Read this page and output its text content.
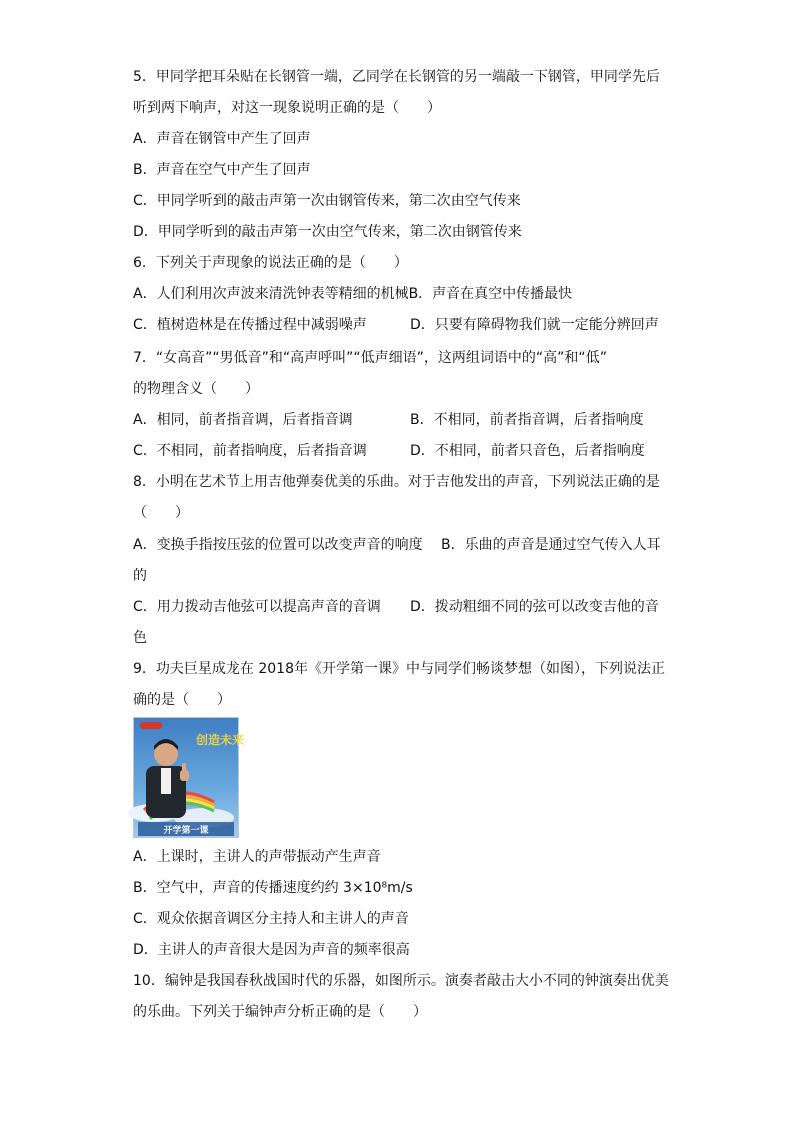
5．甲同学把耳朵贴在长钢管一端，乙同学在长钢管的另一端敲一下钢管，甲同学先后
听到两下响声，对这一现象说明正确的是（　　）
A．声音在钢管中产生了回声
B．声音在空气中产生了回声
C．甲同学听到的敲击声第一次由钢管传来，第二次由空气传来
D．甲同学听到的敲击声第一次由空气传来，第二次由钢管传来
6．下列关于声现象的说法正确的是（　　）
A．人们利用次声波来清洗钟表等精细的机械B．声音在真空中传播最快
C．植树造林是在传播过程中减弱噪声	D．只要有障碍物我们就一定能分辨回声
7．“女高音”“男低音”和“高声呼叫”“低声细语”，这两组词语中的“高”和“低”
的物理含义（　　）
A．相同，前者指音调，后者指音调	B．不相同，前者指音调，后者指响度
C．不相同，前者指响度，后者指音调	D．不相同，前者只音色，后者指响度
8．小明在艺术节上用吉他弹奏优美的乐曲。对于吉他发出的声音，下列说法正确的是
（　　）
A．变换手指按压弦的位置可以改变声音的响度 B．乐曲的声音是通过空气传入人耳
的
C．用力拨动吉他弦可以提高声音的音调 D．拨动粗细不同的弦可以改变吉他的音
色
9．功夫巨星成龙在 2018年《开学第一课》中与同学们畅谈梦想（如图），下列说法正
确的是（　　）
创造未来
开学第一课
A．上课时，主讲人的声带振动产生声音
B．空气中，声音的传播速度约约 3×10⁸m/s
C．观众依据音调区分主持人和主讲人的声音
D．主讲人的声音很大是因为声音的频率很高
10．编钟是我国春秋战国时代的乐器，如图所示。演奏者敲击大小不同的钟演奏出优美
的乐曲。下列关于编钟声分析正确的是（　　）
